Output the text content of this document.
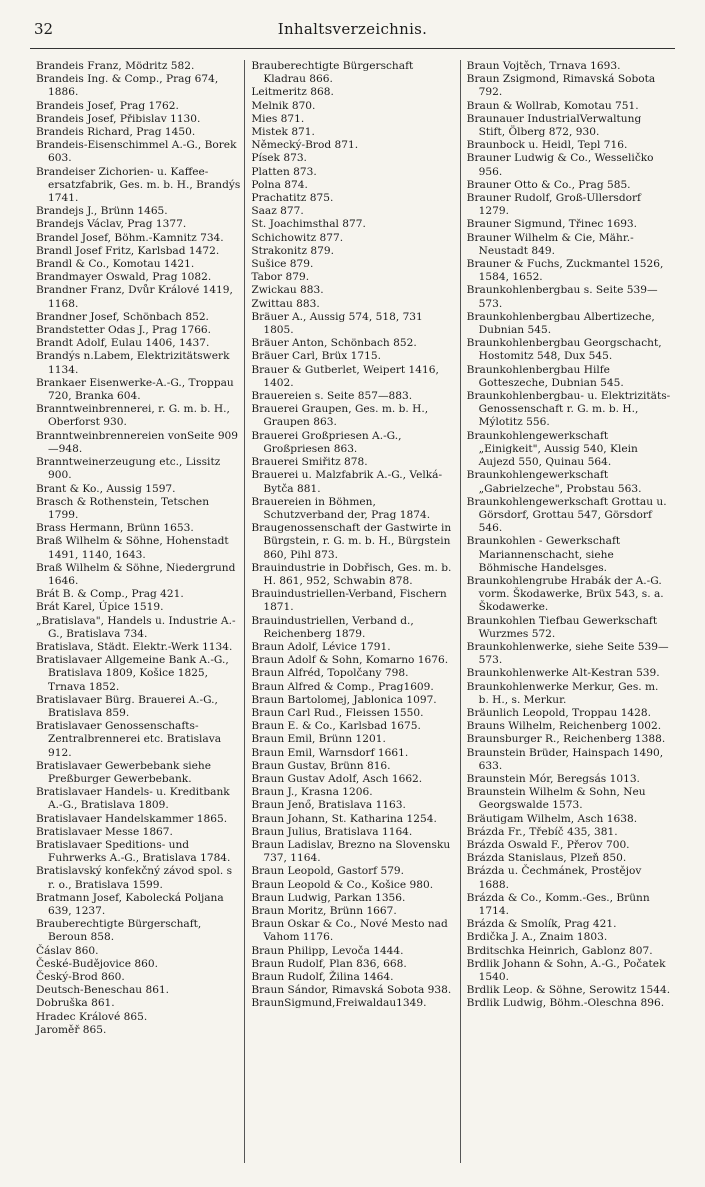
32	Inhaltsverzeichnis.
Brandeis Franz, Mödritz 582.
Brandeis Ing. & Comp., Prag 674, 1886.
Brandeis Josef, Prag 1762.
Brandeis Josef, Přibislav 1130.
Brandeis Richard, Prag 1450.
Brandeis-Eisenschimmel A.-G., Borek 603.
Brandeiser Zichorien- u. Kaffee-ersatzfabrik, Ges. m. b. H., Brandýs 1741.
Brandejs J., Brünn 1465.
Brandejs Václav, Prag 1377.
Brandel Josef, Böhm.-Kamnitz 734.
Brandl Josef Fritz, Karlsbad 1472.
Brandl & Co., Komotau 1421.
Brandmayer Oswald, Prag 1082.
Brandner Franz, Dvůr Králové 1419, 1168.
Brandner Josef, Schönbach 852.
Brandstetter Odas J., Prag 1766.
Brandt Adolf, Eulau 1406, 1437.
Brandýs n.Labem, Elektrizitätswerk 1134.
Brankaer Eisenwerke-A.-G., Troppau 720, Branka 604.
Branntweinbrennerei, r. G. m. b. H., Oberforst 930.
Branntweinbrennereien vonSeite 909—948.
Branntweinerzeugung etc., Lissitz 900.
Brant & Ko., Aussig 1597.
Brasch & Rothenstein, Tetschen 1799.
Brass Hermann, Brünn 1653.
Braß Wilhelm & Söhne, Hohenstadt 1491, 1140, 1643.
Braß Wilhelm & Söhne, Niedergrund 1646.
Brát B. & Comp., Prag 421.
Brát Karel, Úpice 1519.
„Bratislava", Handels u. Industrie A.-G., Bratislava 734.
Bratislava, Städt. Elektr.-Werk 1134.
Bratislavaer Allgemeine Bank A.-G., Bratislava 1809, Košice 1825, Trnava 1852.
Bratislavaer Bürg. Brauerei A.-G., Bratislava 859.
Bratislavaer Genossenschafts-Zentralbrennerei etc. Bratislava 912.
Bratislavaer Gewerbebank siehe Preßburger Gewerbebank.
Bratislavaer Handels- u. Kreditbank A.-G., Bratislava 1809.
Bratislavaer Handelskammer 1865.
Bratislavaer Messe 1867.
Bratislavaer Speditions- und Fuhrwerks A.-G., Bratislava 1784.
Bratislavský konfekčný závod spol. s r. o., Bratislava 1599.
Bratmann Josef, Kabolecká Poljana 639, 1237.
Brauberechtigte Bürgerschaft, Beroun 858.
Čáslav 860.
České-Budějovice 860.
Český-Brod 860.
Deutsch-Beneschau 861.
Dobruška 861.
Hradec Králové 865.
Jaroměř 865.
Brauberechtigte Bürgerschaft Kladrau 866.
Leitmeritz 868.
Melnik 870.
Mies 871.
Mistek 871.
Německý-Brod 871.
Písek 873.
Platten 873.
Polna 874.
Prachatitz 875.
Saaz 877.
St. Joachimsthal 877.
Schichowitz 877.
Strakonitz 879.
Sušice 879.
Tabor 879.
Zwickau 883.
Zwittau 883.
Bräuer A., Aussig 574, 518, 731 1805.
Bräuer Anton, Schönbach 852.
Bräuer Carl, Brüx 1715.
Brauer & Gutberlet, Weipert 1416, 1402.
Brauereien s. Seite 857—883.
Brauerei Graupen, Ges. m. b. H., Graupen 863.
Brauerei Großpriesen A.-G., Großpriesen 863.
Brauerei Smiřitz 878.
Brauerei u. Malzfabrik A.-G., Velká-Bytča 881.
Brauereien in Böhmen, Schutzverband der, Prag 1874.
Braugenossenschaft der Gastwirte in Bürgstein, r. G. m. b. H., Bürgstein 860, Pihl 873.
Brauindustrie in Dobřisch, Ges. m. b. H. 861, 952, Schwabin 878.
Brauindustriellen-Verband, Fischern 1871.
Brauindustriellen, Verband d., Reichenberg 1879.
Braun Adolf, Lévice 1791.
Braun Adolf & Sohn, Komarno 1676.
Braun Alfréd, Topolčany 798.
Braun Alfred & Comp., Prag1609.
Braun Bartolomej, Jablonica 1097.
Braun Carl Rud., Fleissen 1550.
Braun E. & Co., Karlsbad 1675.
Braun Emil, Brünn 1201.
Braun Emil, Warnsdorf 1661.
Braun Gustav, Brünn 816.
Braun Gustav Adolf, Asch 1662.
Braun J., Krasna 1206.
Braun Jenő, Bratislava 1163.
Braun Johann, St. Katharina 1254.
Braun Julius, Bratislava 1164.
Braun Ladislav, Brezno na Slovensku 737, 1164.
Braun Leopold, Gastorf 579.
Braun Leopold & Co., Košice 980.
Braun Ludwig, Parkan 1356.
Braun Moritz, Brünn 1667.
Braun Oskar & Co., Nové Mesto nad Vahom 1176.
Braun Philipp, Levoča 1444.
Braun Rudolf, Plan 836, 668.
Braun Rudolf, Žilina 1464.
Braun Sándor, Rimavská Sobota 938.
BraunSigmund,Freiwaldau1349.
Braun Vojtěch, Trnava 1693.
Braun Zsigmond, Rimavská Sobota 792.
Braun & Wollrab, Komotau 751.
Braunauer IndustrialVerwaltung Stift, Ölberg 872, 930.
Braunbock u. Heidl, Tepl 716.
Brauner Ludwig & Co., Wesseličko 956.
Brauner Otto & Co., Prag 585.
Brauner Rudolf, Groß-Ullersdorf 1279.
Brauner Sigmund, Třinec 1693.
Brauner Wilhelm & Cie, Mähr.-Neustadt 849.
Brauner & Fuchs, Zuckmantel 1526, 1584, 1652.
Braunkohlenbergbau s. Seite 539—573.
Braunkohlenbergbau Albertizeche, Dubnian 545.
Braunkohlenbergbau Georgschacht, Hostomitz 548, Dux 545.
Braunkohlenbergbau Hilfe Gotteszeche, Dubnian 545.
Braunkohlenbergbau- u. Elektrizitäts-Genossenschaft r. G. m. b. H., Mýlotitz 556.
Braunkohlengewerkschaft „Einigkeit", Aussig 540, Klein Aujezd 550, Quinau 564.
Braunkohlengewerkschaft „Gabrielzeche", Probstau 563.
Braunkohlengewerkschaft Grottau u. Görsdorf, Grottau 547, Görsdorf 546.
Braunkohlen - Gewerkschaft Mariannenschacht, siehe Böhmische Handelsges.
Braunkohlengrube Hrabák der A.-G. vorm. Škodawerke, Brüx 543, s. a. Škodawerke.
Braunkohlen Tiefbau Gewerkschaft Wurzmes 572.
Braunkohlenwerke, siehe Seite 539—573.
Braunkohlenwerke Alt-Kestran 539.
Braunkohlenwerke Merkur, Ges. m. b. H., s. Merkur.
Bräunlich Leopold, Troppau 1428.
Brauns Wilhelm, Reichenberg 1002.
Braunsburger R., Reichenberg 1388.
Braunstein Brüder, Hainspach 1490, 633.
Braunstein Mór, Beregsás 1013.
Braunstein Wilhelm & Sohn, Neu Georgswalde 1573.
Bräutigam Wilhelm, Asch 1638.
Brázda Fr., Třebíč 435, 381.
Brázda Oswald F., Přerov 700.
Brázda Stanislaus, Plzeň 850.
Brázda u. Čechmánek, Prostějov 1688.
Brázda & Co., Komm.-Ges., Brünn 1714.
Brázda & Smolík, Prag 421.
Brdička J. A., Znaim 1803.
Brditschka Heinrich, Gablonz 807.
Brdlik Johann & Sohn, A.-G., Počatek 1540.
Brdlik Leop. & Söhne, Serowitz 1544.
Brdlik Ludwig, Böhm.-Oleschna 896.
